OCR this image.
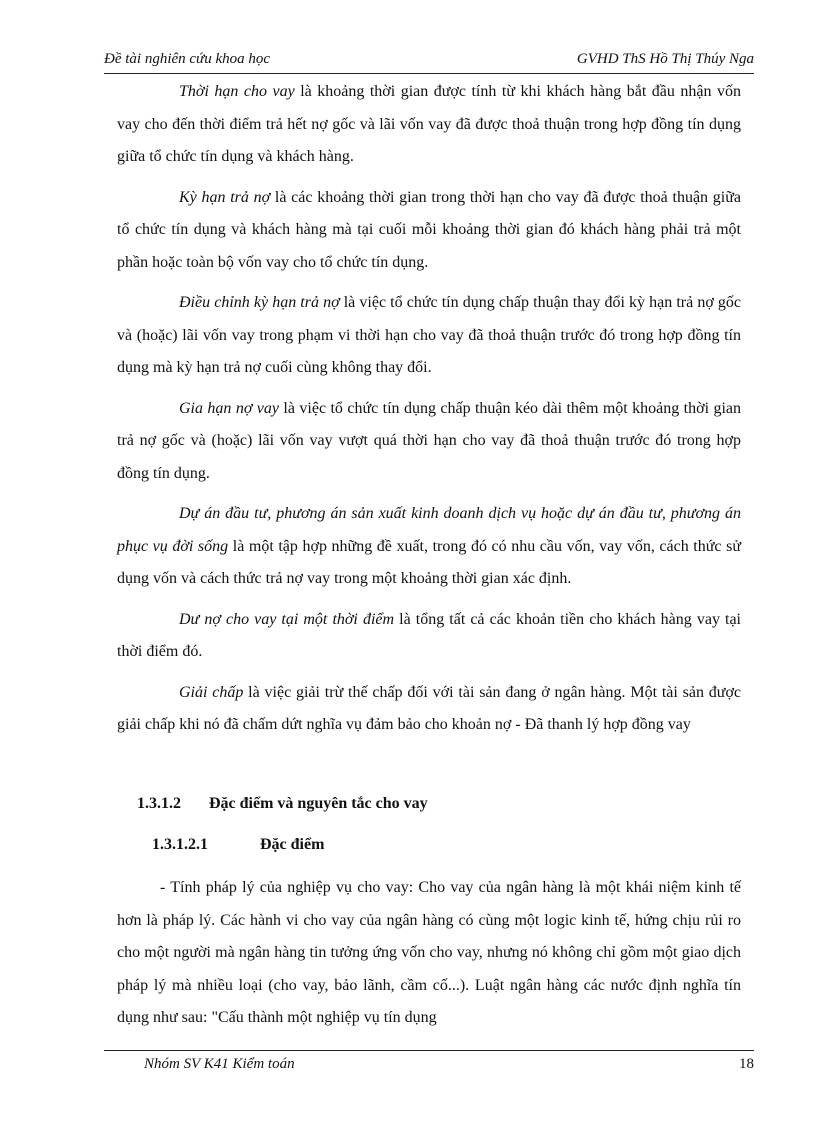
Đề tài nghiên cứu khoa học	GVHD ThS Hồ Thị Thúy Nga

Thời hạn cho vay là khoảng thời gian được tính từ khi khách hàng bắt đầu nhận vốn vay cho đến thời điểm trả hết nợ gốc và lãi vốn vay đã được thoả thuận trong hợp đồng tín dụng giữa tổ chức tín dụng và khách hàng.

Kỳ hạn trả nợ là các khoảng thời gian trong thời hạn cho vay đã được thoả thuận giữa tổ chức tín dụng và khách hàng mà tại cuối mỗi khoảng thời gian đó khách hàng phải trả một phần hoặc toàn bộ vốn vay cho tổ chức tín dụng.

Điều chỉnh kỳ hạn trả nợ là việc tổ chức tín dụng chấp thuận thay đổi kỳ hạn trả nợ gốc và (hoặc) lãi vốn vay trong phạm vi thời hạn cho vay đã thoả thuận trước đó trong hợp đồng tín dụng mà kỳ hạn trả nợ cuối cùng không thay đổi.

Gia hạn nợ vay là việc tổ chức tín dụng chấp thuận kéo dài thêm một khoảng thời gian trả nợ gốc và (hoặc) lãi vốn vay vượt quá thời hạn cho vay đã thoả thuận trước đó trong hợp đồng tín dụng.

Dự án đầu tư, phương án sản xuất kinh doanh dịch vụ hoặc dự án đầu tư, phương án phục vụ đời sống là một tập hợp những đề xuất, trong đó có nhu cầu vốn, vay vốn, cách thức sử dụng vốn và cách thức trả nợ vay trong một khoảng thời gian xác định.

Dư nợ cho vay tại một thời điểm là tổng tất cả các khoản tiền cho khách hàng vay tại thời điểm đó.

Giải chấp là việc giải trừ thế chấp đối với tài sản đang ở ngân hàng. Một tài sản được giải chấp khi nó đã chấm dứt nghĩa vụ đảm bảo cho khoản nợ - Đã thanh lý hợp đồng vay

1.3.1.2 Đặc điểm và nguyên tắc cho vay
1.3.1.2.1	Đặc điểm

- Tính pháp lý của nghiệp vụ cho vay: Cho vay của ngân hàng là một khái niệm kinh tế hơn là pháp lý. Các hành vi cho vay của ngân hàng có cùng một logic kinh tế, hứng chịu rủi ro cho một người mà ngân hàng tin tưởng ứng vốn cho vay, nhưng nó không chỉ gồm một giao dịch pháp lý mà nhiều loại (cho vay, bảo lãnh, cầm cố...). Luật ngân hàng các nước định nghĩa tín dụng như sau: "Cấu thành một nghiệp vụ tín dụng

Nhóm SV K41 Kiểm toán	18
